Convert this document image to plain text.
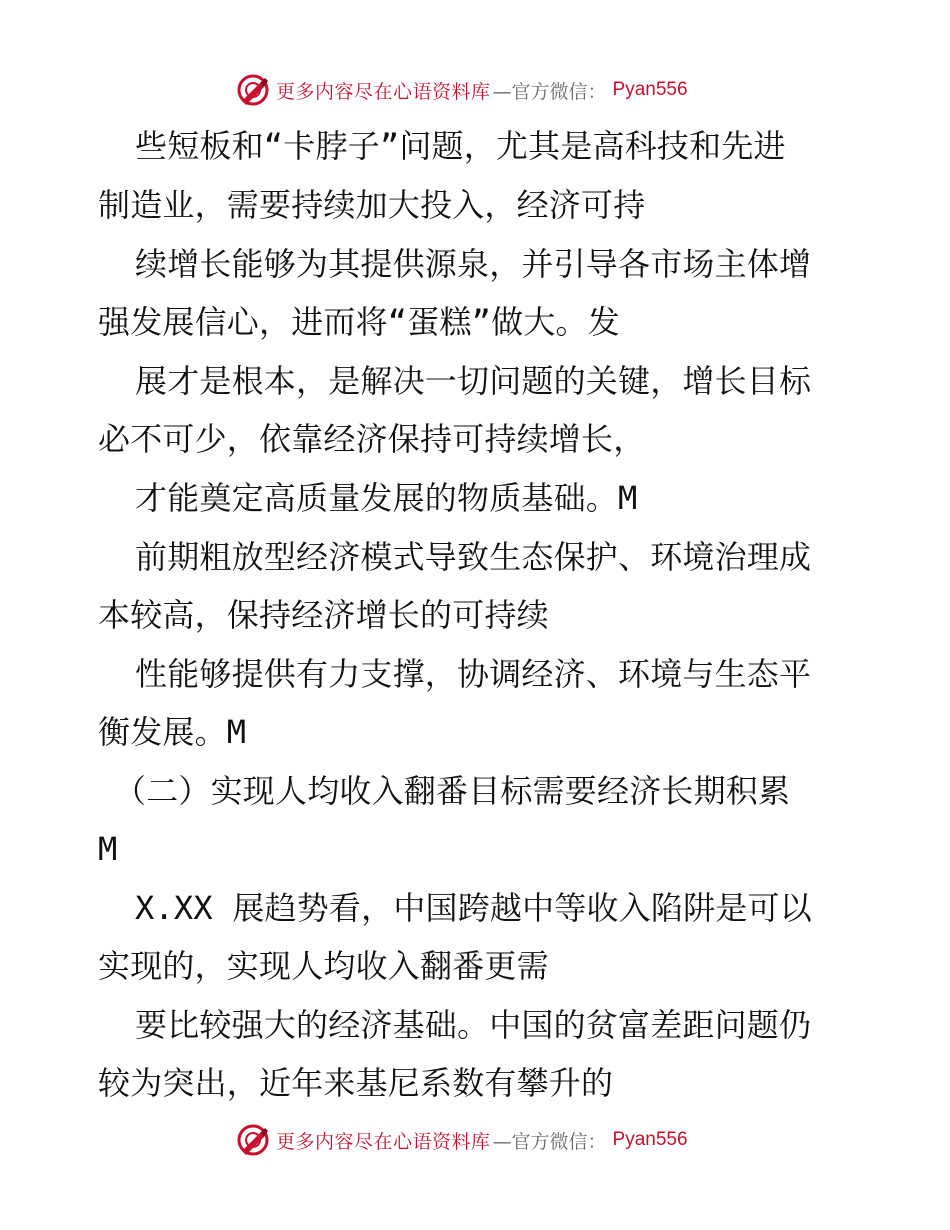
更多内容尽在心语资料库 —官方微信： Pyan556
些短板和“卡脖子”问题，尤其是高科技和先进
制造业，需要持续加大投入，经济可持
续增长能够为其提供源泉，并引导各市场主体增
强发展信心，进而将“蛋糕”做大。发
展才是根本，是解决一切问题的关键，增长目标
必不可少，依靠经济保持可持续增长，
才能奠定高质量发展的物质基础。M
前期粗放型经济模式导致生态保护、环境治理成
本较高，保持经济增长的可持续
性能够提供有力支撑，协调经济、环境与生态平
衡发展。M
（二）实现人均收入翻番目标需要经济长期积累
M
X.XX 展趋势看，中国跨越中等收入陷阱是可以
实现的，实现人均收入翻番更需
要比较强大的经济基础。中国的贫富差距问题仍
较为突出，近年来基尼系数有攀升的
更多内容尽在心语资料库 —官方微信： Pyan556
